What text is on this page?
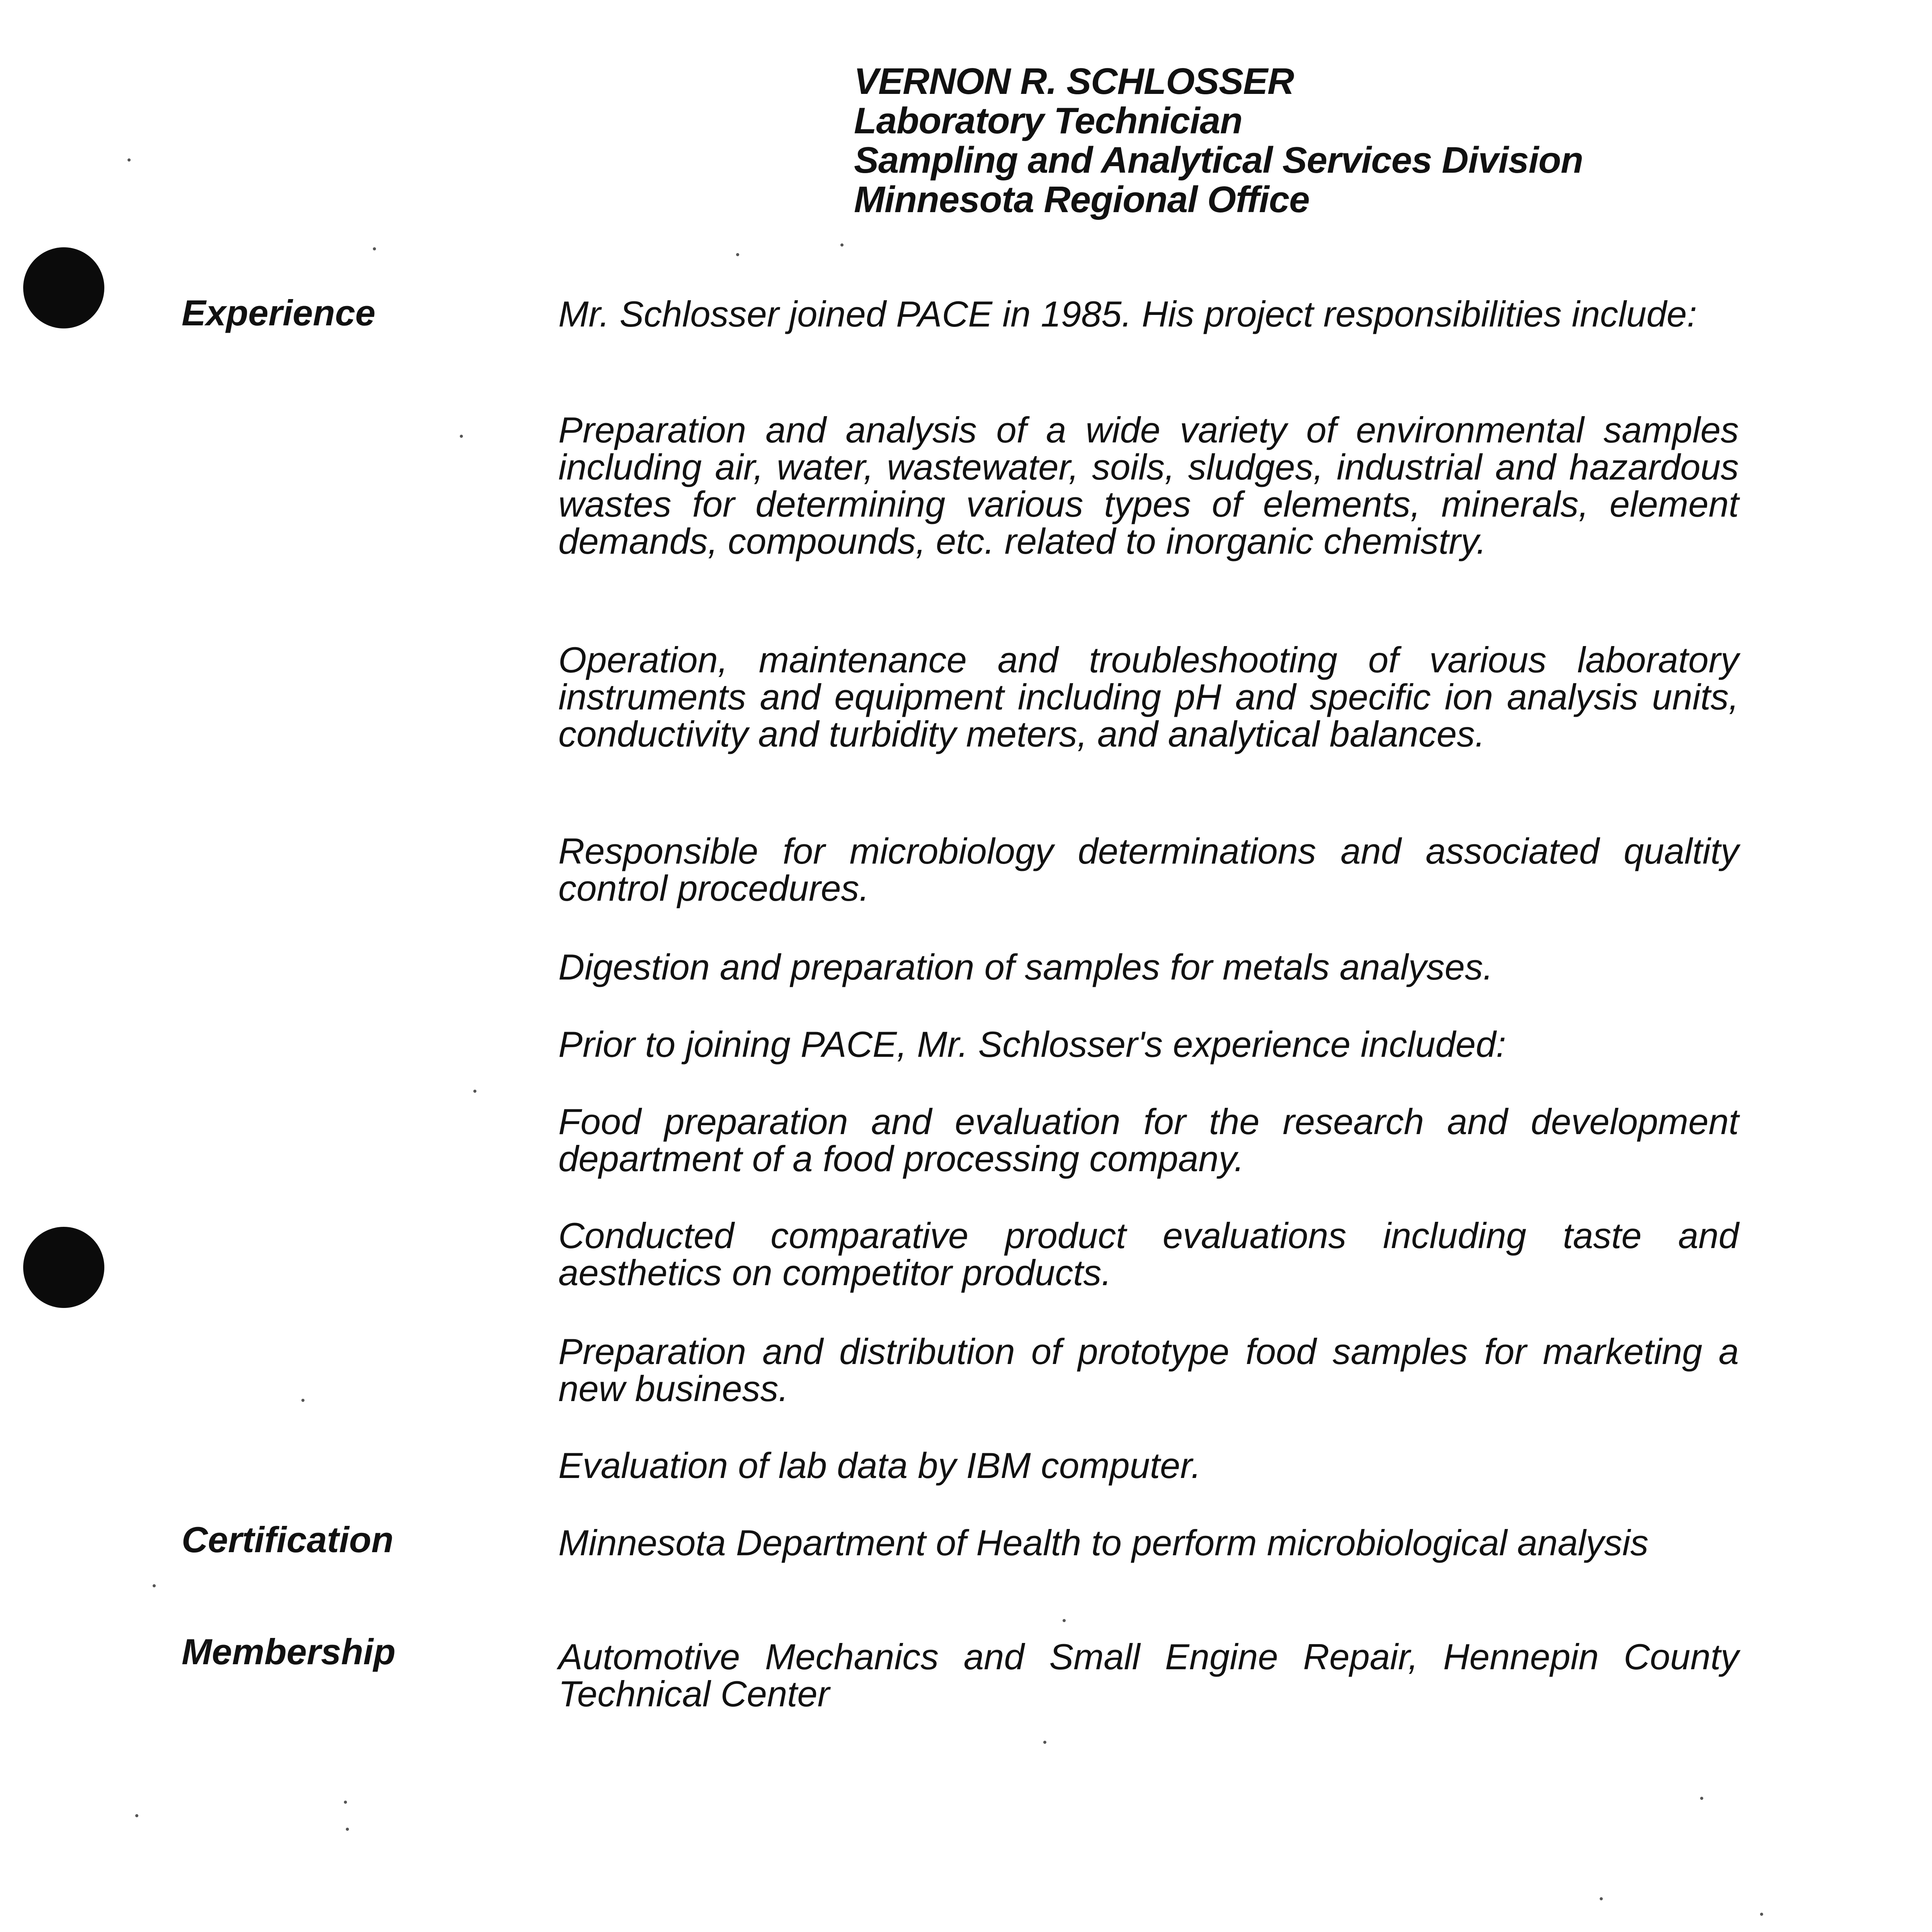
VERNON R. SCHLOSSER
Laboratory Technician
Sampling and Analytical Services Division
Minnesota Regional Office
Experience	Mr. Schlosser joined PACE in 1985. His project responsibilities include:
Preparation and analysis of a wide variety of environmental samples including air, water, wastewater, soils, sludges, industrial and hazardous wastes for determining various types of elements, minerals, element demands, compounds, etc. related to inorganic chemistry.
Operation, maintenance and troubleshooting of various laboratory instruments and equipment including pH and specific ion analysis units, conductivity and turbidity meters, and analytical balances.
Responsible for microbiology determinations and associated qualtity control procedures.
Digestion and preparation of samples for metals analyses.
Prior to joining PACE, Mr. Schlosser's experience included:
Food preparation and evaluation for the research and development department of a food processing company.
Conducted comparative product evaluations including taste and aesthetics on competitor products.
Preparation and distribution of prototype food samples for marketing a new business.
Evaluation of lab data by IBM computer.
Certification	Minnesota Department of Health to perform microbiological analysis
Membership	Automotive Mechanics and Small Engine Repair, Hennepin County Technical Center
